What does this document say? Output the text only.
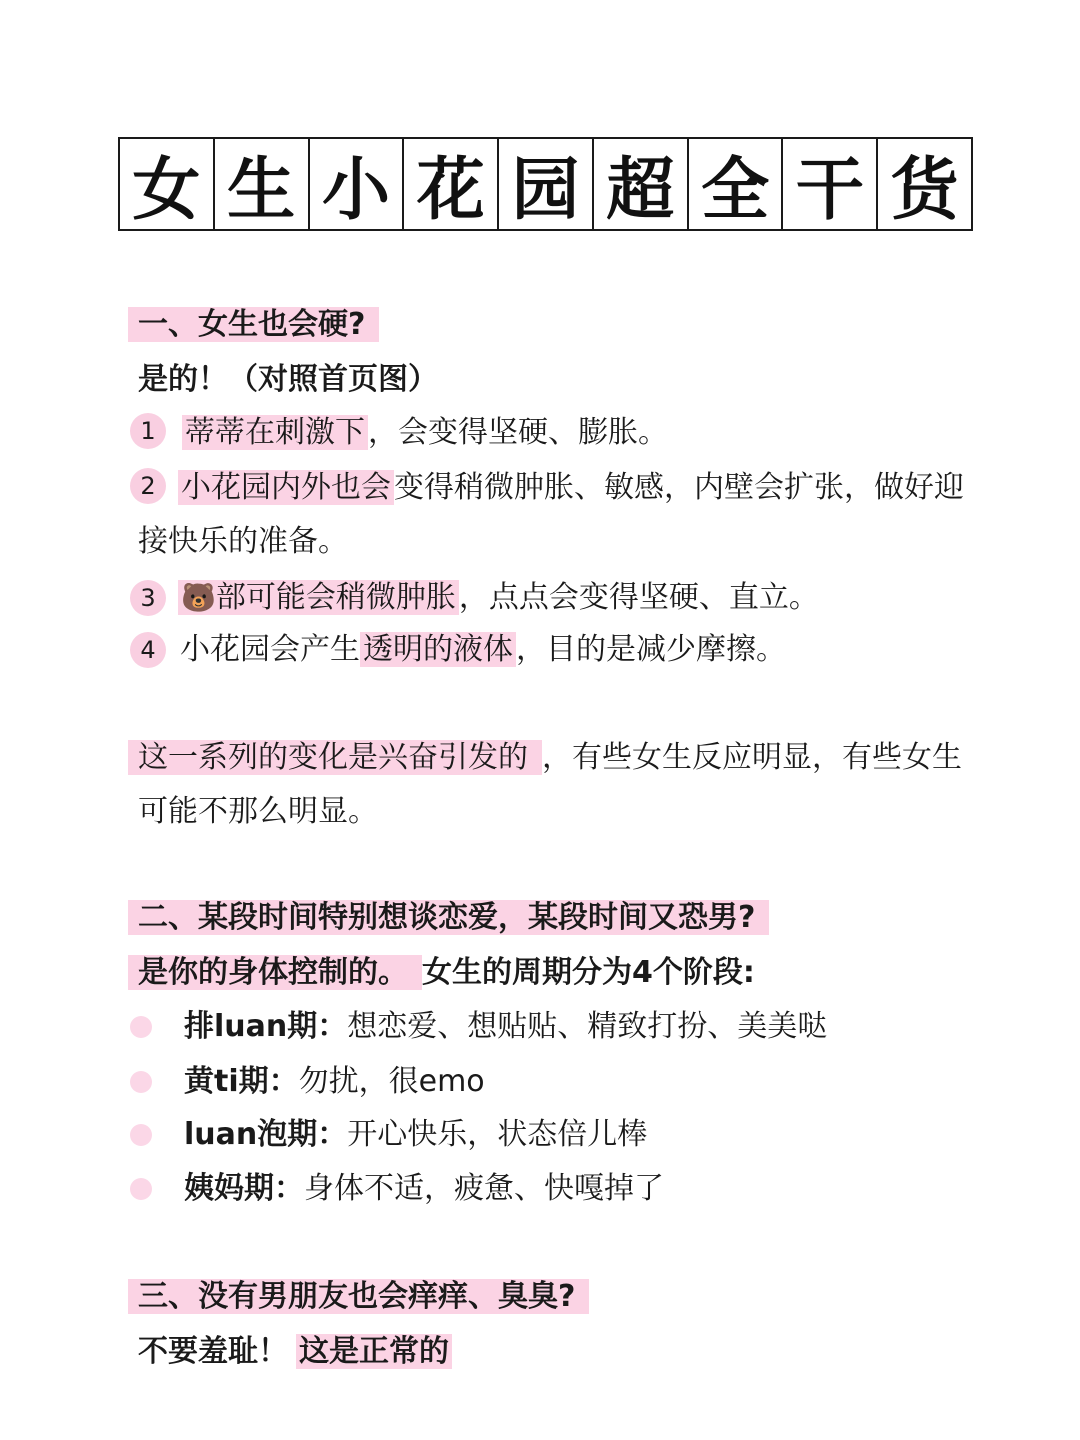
女 生 小 花 园 超 全 干 货
一、女生也会硬?
是的！（对照首页图）
1 蒂蒂在刺激下 ，会变得坚硬、膨胀。
2 小花园内外也会 变得稍微肿胀、敏感，内壁会扩张，做好迎
接快乐的准备。
3 🐻部可能会稍微肿胀 ，点点会变得坚硬、直立。
4 小花园会产生 透明的液体 ，目的是减少摩擦。
这一系列的变化是兴奋引发的 ，有些女生反应明显，有些女生
可能不那么明显。
二、某段时间特别想谈恋爱，某段时间又恐男?
是你的身体控制的。 女生的周期分为4个阶段:
排luan期：想恋爱、想贴贴、精致打扮、美美哒
黄ti期：勿扰，很emo
luan泡期：开心快乐，状态倍儿棒
姨妈期：身体不适，疲惫、快嘎掉了
三、没有男朋友也会痒痒、臭臭?
不要羞耻！ 这是正常的
